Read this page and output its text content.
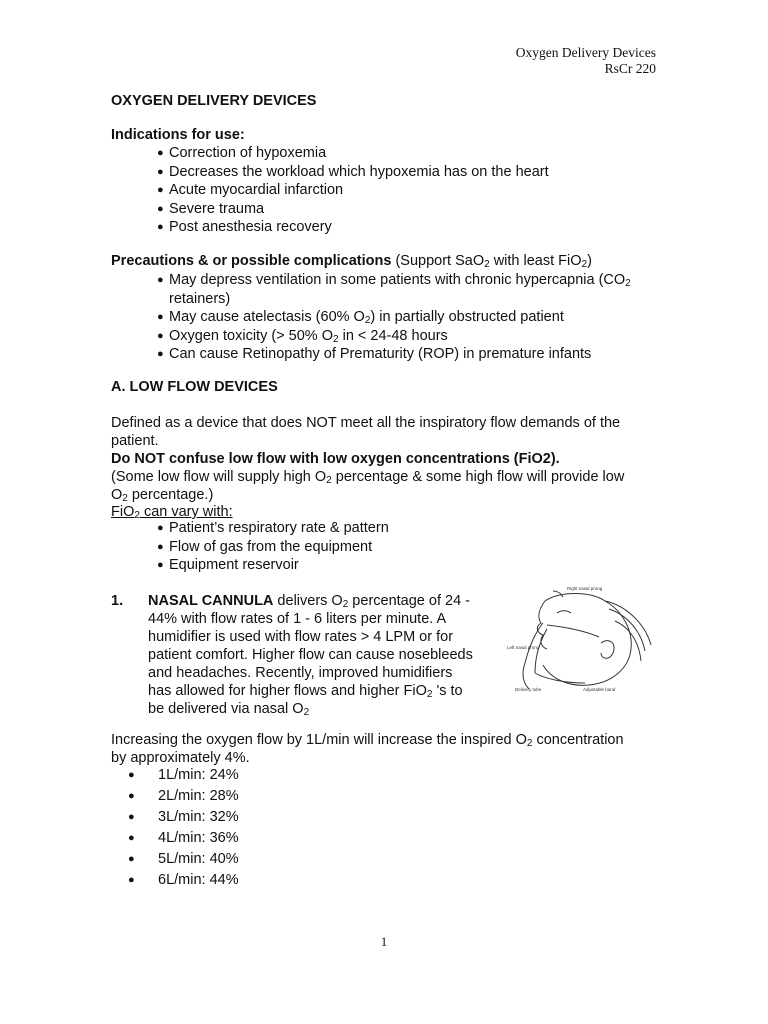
Oxygen Delivery Devices
RsCr 220
OXYGEN DELIVERY DEVICES
Indications for use:
● Correction of hypoxemia
● Decreases the workload which hypoxemia has on the heart
● Acute myocardial infarction
● Severe trauma
● Post anesthesia recovery
Precautions & or possible complications (Support SaO$_2$ with least FiO$_2$)
● May depress ventilation in some patients with chronic hypercapnia ($CO_2$
retainers)
● May cause atelectasis (60% $O_2$) in partially obstructed patient
● Oxygen toxicity (> 50% $O_2$ in < 24-48 hours
● Can cause Retinopathy of Prematurity (ROP) in premature infants
A. LOW FLOW DEVICES
Defined as a device that does NOT meet all the inspiratory flow demands of the
patient.
Do NOT confuse low flow with low oxygen concentrations (FiO2).
(Some low flow will supply high $O_2$ percentage & some high flow will provide low
$O_2$ percentage.)
FiO$_2$ can vary with:
● Patient’s respiratory rate & pattern
● Flow of gas from the equipment
● Equipment reservoir
1. NASAL CANNULA delivers $O_2$ percentage of 24 -
44% with flow rates of 1 - 6 liters per minute. A
humidifier is used with flow rates > 4 LPM or for
patient comfort. Higher flow can cause nosebleeds
and headaches. Recently, improved humidifiers
has allowed for higher flows and higher FiO$_2$ 's to
be delivered via nasal $O_2$
Right nasal prong
Left nasal prong
Delivery tube	Adjustable band
Increasing the oxygen flow by 1L/min will increase the inspired $O_2$ concentration
by approximately 4%.
● 1L/min: 24%
● 2L/min: 28%
● 3L/min: 32%
● 4L/min: 36%
● 5L/min: 40%
● 6L/min: 44%
1
